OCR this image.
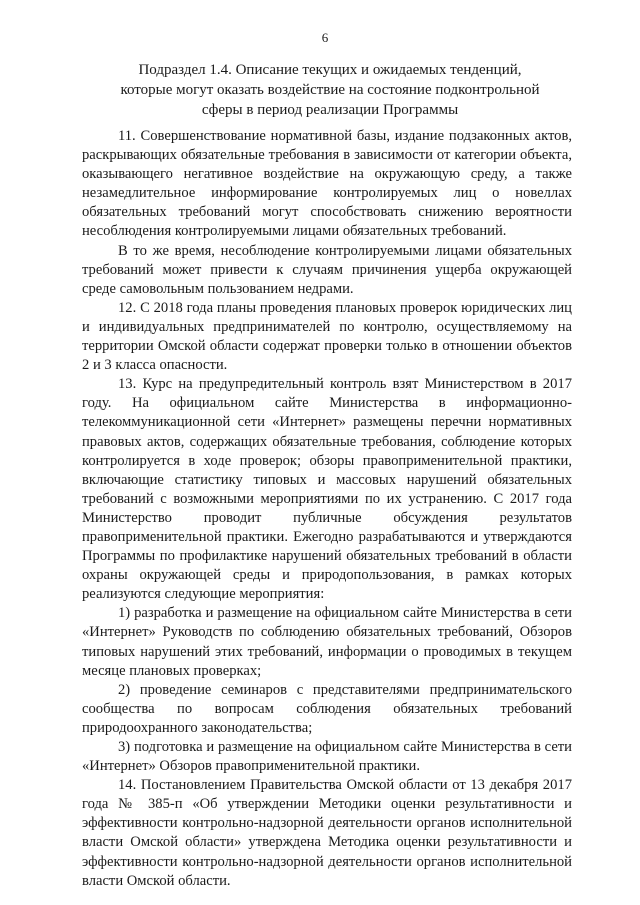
6
Подраздел 1.4. Описание текущих и ожидаемых тенденций,
которые могут оказать воздействие на состояние подконтрольной
сферы в период реализации Программы

11. Совершенствование нормативной базы, издание подзаконных актов, раскрывающих обязательные требования в зависимости от категории объекта, оказывающего негативное воздействие на окружающую среду, а также незамедлительное информирование контролируемых лиц о новеллах обязательных требований могут способствовать снижению вероятности несоблюдения контролируемыми лицами обязательных требований.

В то же время, несоблюдение контролируемыми лицами обязательных требований может привести к случаям причинения ущерба окружающей среде самовольным пользованием недрами.

12. С 2018 года планы проведения плановых проверок юридических лиц и индивидуальных предпринимателей по контролю, осуществляемому на территории Омской области содержат проверки только в отношении объектов 2 и 3 класса опасности.

13. Курс на предупредительный контроль взят Министерством в 2017 году. На официальном сайте Министерства в информационно-телекоммуникационной сети «Интернет» размещены перечни нормативных правовых актов, содержащих обязательные требования, соблюдение которых контролируется в ходе проверок; обзоры правоприменительной практики, включающие статистику типовых и массовых нарушений обязательных требований с возможными мероприятиями по их устранению. С 2017 года Министерство проводит публичные обсуждения результатов правоприменительной практики. Ежегодно разрабатываются и утверждаются Программы по профилактике нарушений обязательных требований в области охраны окружающей среды и природопользования, в рамках которых реализуются следующие мероприятия:

1) разработка и размещение на официальном сайте Министерства в сети «Интернет» Руководств по соблюдению обязательных требований, Обзоров типовых нарушений этих требований, информации о проводимых в текущем месяце плановых проверках;

2) проведение семинаров с представителями предпринимательского сообщества по вопросам соблюдения обязательных требований природоохранного законодательства;

3) подготовка и размещение на официальном сайте Министерства в сети «Интернет» Обзоров правоприменительной практики.

14. Постановлением Правительства Омской области от 13 декабря 2017 года № 385-п «Об утверждении Методики оценки результативности и эффективности контрольно-надзорной деятельности органов исполнительной власти Омской области» утверждена Методика оценки результативности и эффективности контрольно-надзорной деятельности органов исполнительной власти Омской области.
